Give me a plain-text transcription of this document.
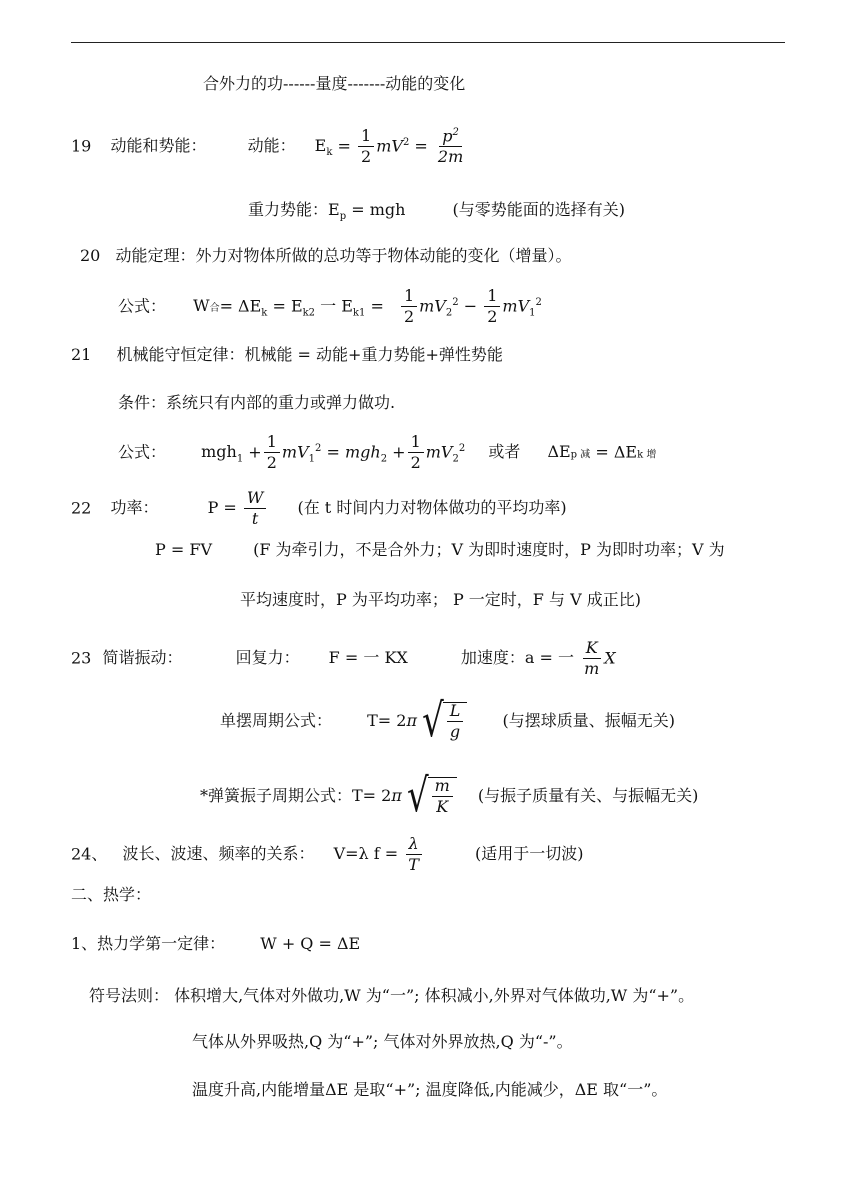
合外力的功------量度-------动能的变化
19 动能和势能：	动能： $E_k = \frac{1}{2} mV^2 = \frac{p^2}{2m}$
重力势能：$E_p$ = mgh	(与零势能面的选择有关)
20 动能定理：外力对物体所做的总功等于物体动能的变化（增量）。
公式： W合= $\Delta E_k = E_{k2}$ 一 $E_{k1} = \frac{1}{2} mV_2^2 - \frac{1}{2} mV_1^2$
21 机械能守恒定律：机械能 = 动能+重力势能+弹性势能
条件：系统只有内部的重力或弹力做功.
公式： $mgh_1 + \frac{1}{2} mV_1^2 = mgh_2 + \frac{1}{2} mV_2^2$ 或者 ΔEp 减 = ΔEk 增
22 功率：	$P = \frac{W}{t}$ (在 t 时间内力对物体做功的平均功率)
P = FV	(F 为牵引力，不是合外力；V 为即时速度时，P 为即时功率；V 为
平均速度时，P 为平均功率； P 一定时，F 与 V 成正比)
23 简谐振动：	回复力： F = 一 KX	加速度：a = 一 $\frac{K}{m}$ X
单摆周期公式： T= 2π √ $\frac{L}{g}$ (与摆球质量、振幅无关)
*弹簧振子周期公式：T= 2π √ $\frac{m}{K}$ (与振子质量有关、与振幅无关)
24、 波长、波速、频率的关系： V=λ $f = \frac{\lambda}{T}$	(适用于一切波)
二、热学：
1、热力学第一定律： W + Q = ΔE
符号法则： 体积增大,气体对外做功,W 为“一”; 体积减小,外界对气体做功,W 为“+”。
气体从外界吸热,Q 为“+”; 气体对外界放热,Q 为“-”。
温度升高,内能增量ΔE 是取“+”; 温度降低,内能减少，ΔE 取“一”。
